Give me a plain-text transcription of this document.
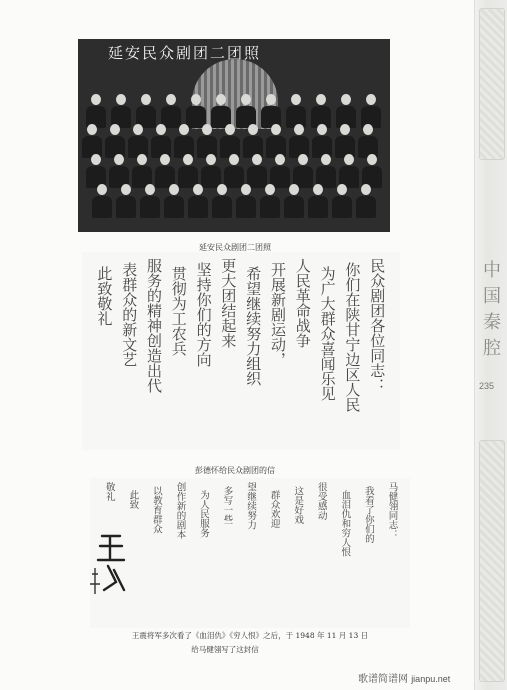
中
国
秦
腔
235
延安民众剧团二团照
延安民众剧团二团照
民众剧团各位同志：
你们在陕甘宁边区人民
为广大群众喜闻乐见
人民革命战争
开展新剧运动，
希望继续努力组织
更大团结起来
坚持你们的方向
贯彻为工农兵
服务的精神创造出代
表群众的新文艺
此致敬礼
彭德怀给民众剧团的信
马健翎同志：
我看了你们的
血泪仇和穷人恨
很受感动
这是好戏
群众欢迎
望继续努力
多写一些
为人民服务
创作新的剧本
以教育群众
此致
敬礼
王震将军多次看了《血泪仇》《穷人恨》之后，于 1948 年 11 月 13 日
给马健翎写了这封信
歌谱简谱网 jianpu.net
